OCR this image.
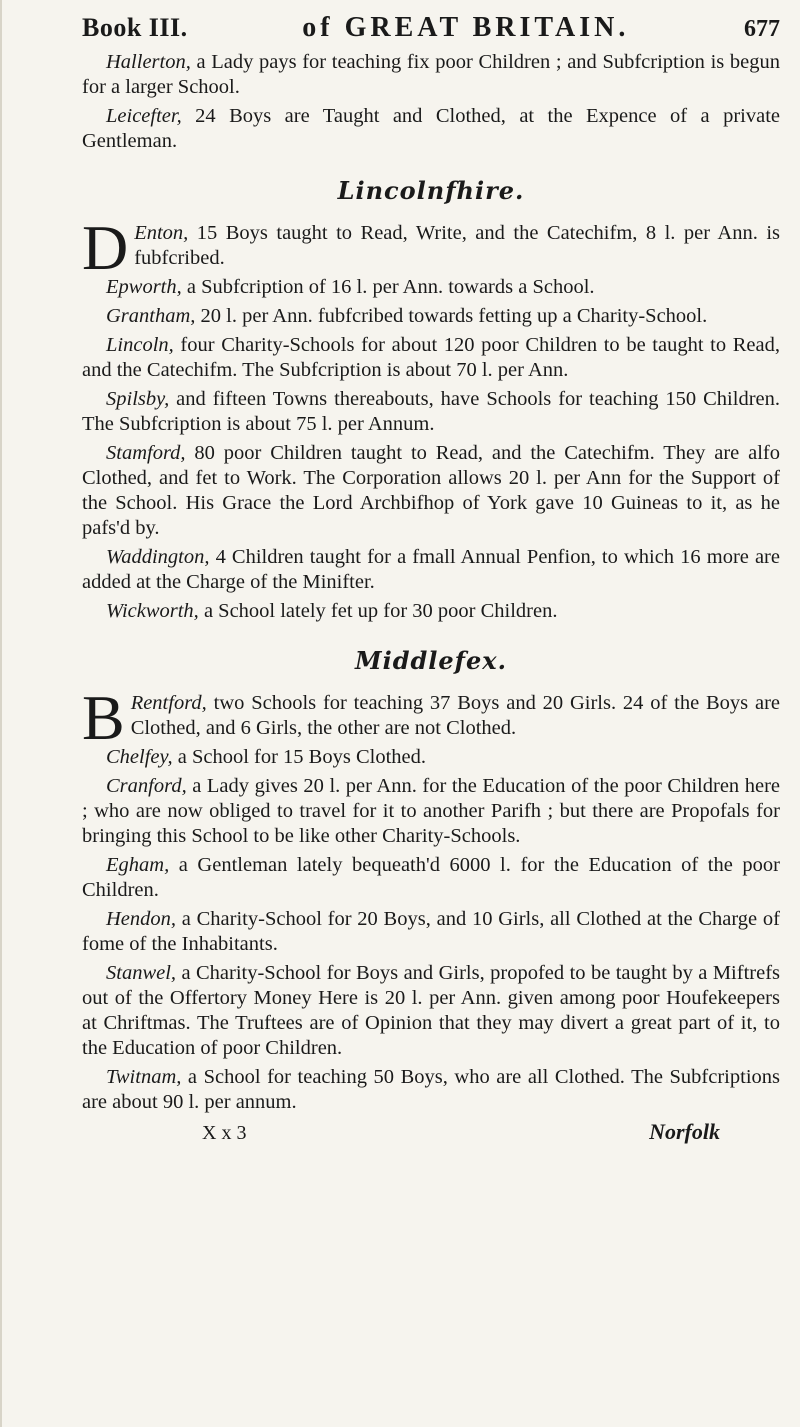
Book III.	of GREAT BRITAIN.	677

Hallerton, a Lady pays for teaching fix poor Children ; and Subfcription is begun for a larger School.

Leicefter, 24 Boys are Taught and Clothed, at the Expence of a private Gentleman.

Lincolnfhire.

D Enton, 15 Boys taught to Read, Write, and the Catechifm, 8 l. per Ann. is fubfcribed.

Epworth, a Subfcription of 16 l. per Ann. towards a School.

Grantham, 20 l. per Ann. fubfcribed towards fetting up a Charity-School.

Lincoln, four Charity-Schools for about 120 poor Children to be taught to Read, and the Catechifm. The Subfcription is about 70 l. per Ann.

Spilsby, and fifteen Towns thereabouts, have Schools for teaching 150 Children. The Subfcription is about 75 l. per Annum.

Stamford, 80 poor Children taught to Read, and the Catechifm. They are alfo Clothed, and fet to Work. The Corporation allows 20 l. per Ann for the Support of the School. His Grace the Lord Archbifhop of York gave 10 Guineas to it, as he pafs'd by.

Waddington, 4 Children taught for a fmall Annual Penfion, to which 16 more are added at the Charge of the Minifter.

Wickworth, a School lately fet up for 30 poor Children.

Middlefex.

B Rentford, two Schools for teaching 37 Boys and 20 Girls. 24 of the Boys are Clothed, and 6 Girls, the other are not Clothed.

Chelfey, a School for 15 Boys Clothed.

Cranford, a Lady gives 20 l. per Ann. for the Education of the poor Children here ; who are now obliged to travel for it to another Parifh ; but there are Propofals for bringing this School to be like other Charity-Schools.

Egham, a Gentleman lately bequeath'd 6000 l. for the Education of the poor Children.

Hendon, a Charity-School for 20 Boys, and 10 Girls, all Clothed at the Charge of fome of the Inhabitants.

Stanwel, a Charity-School for Boys and Girls, propofed to be taught by a Miftrefs out of the Offertory Money Here is 20 l. per Ann. given among poor Houfekeepers at Chriftmas. The Truftees are of Opinion that they may divert a great part of it, to the Education of poor Children.

Twitnam, a School for teaching 50 Boys, who are all Clothed. The Subfcriptions are about 90 l. per annum.

X x 3	Norfolk
